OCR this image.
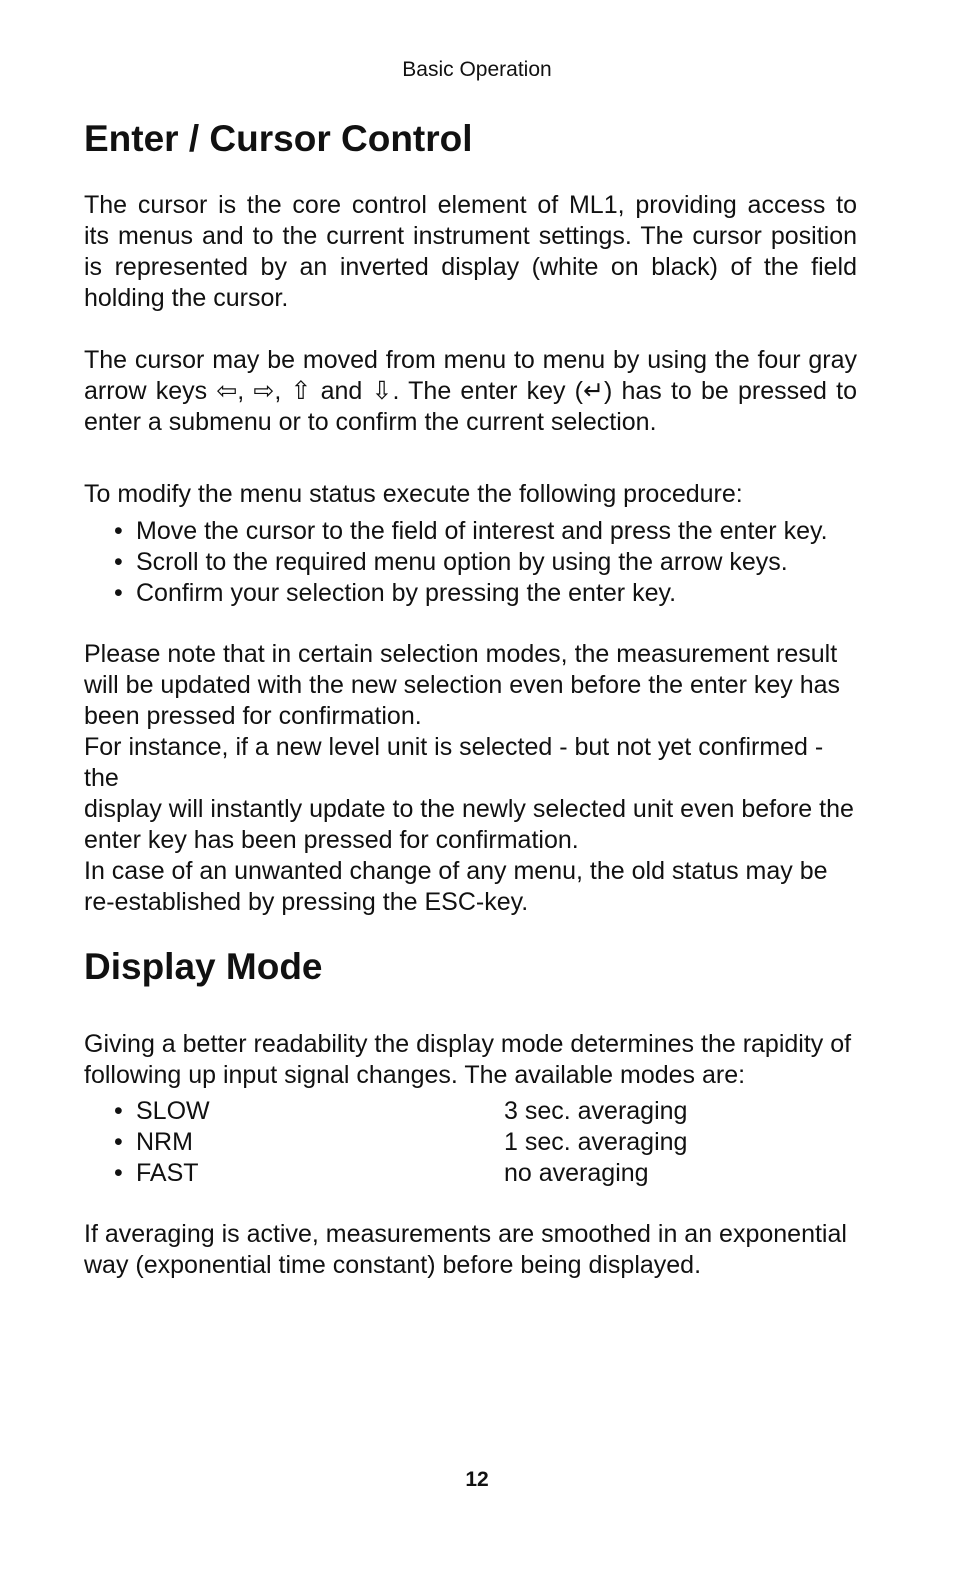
Basic Operation
Enter / Cursor Control

The cursor is the core control element of ML1, providing access to

its menus and to the current instrument settings. The cursor position

is represented by an inverted display (white on black) of the field

holding the cursor.

The cursor may be moved from menu to menu by using the four gray

arrow keys ⇦, ⇨, ⇧ and ⇩. The enter key (↵) has to be pressed to

enter a submenu or to confirm the current selection.

To modify the menu status execute the following procedure:

• Move the cursor to the field of interest and press the enter key.
• Scroll to the required menu option by using the arrow keys.
• Confirm your selection by pressing the enter key.

Please note that in certain selection modes, the measurement result

will be updated with the new selection even before the enter key has

been pressed for confirmation.

For instance, if a new level unit is selected - but not yet confirmed - the

display will instantly update to the newly selected unit even before the

enter key has been pressed for confirmation.

In case of an unwanted change of any menu, the old status may be

re-established by pressing the ESC-key.

Display Mode

Giving a better readability the display mode determines the rapidity of

following up input signal changes. The available modes are:

• SLOW	3 sec. averaging
• NRM	1 sec. averaging
• FAST	no averaging

If averaging is active, measurements are smoothed in an exponential

way (exponential time constant) before being displayed.

12
